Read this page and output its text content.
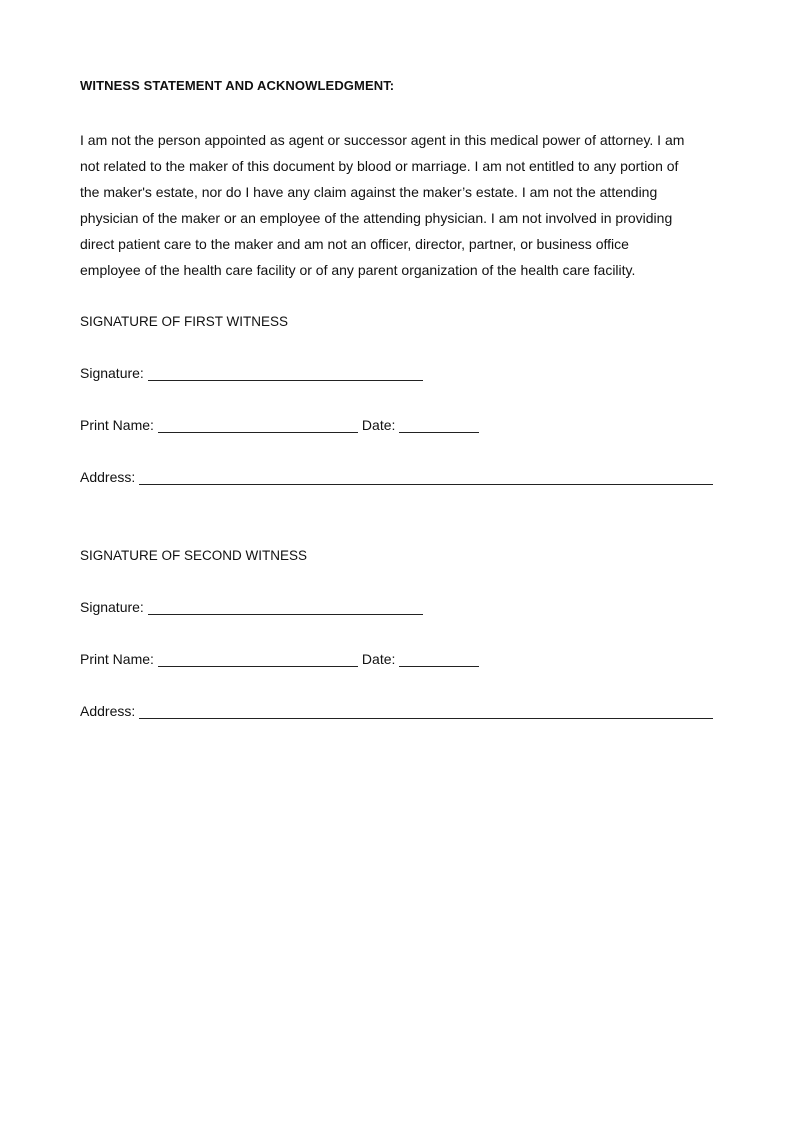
WITNESS STATEMENT AND ACKNOWLEDGMENT:
I am not the person appointed as agent or successor agent in this medical power of attorney. I am
not related to the maker of this document by blood or marriage. I am not entitled to any portion of
the maker's estate, nor do I have any claim against the maker’s estate. I am not the attending
physician of the maker or an employee of the attending physician. I am not involved in providing
direct patient care to the maker and am not an officer, director, partner, or business office
employee of the health care facility or of any parent organization of the health care facility.
SIGNATURE OF FIRST WITNESS
Signature:
Print Name:	Date:
Address:
SIGNATURE OF SECOND WITNESS
Signature:
Print Name:	Date:
Address:
